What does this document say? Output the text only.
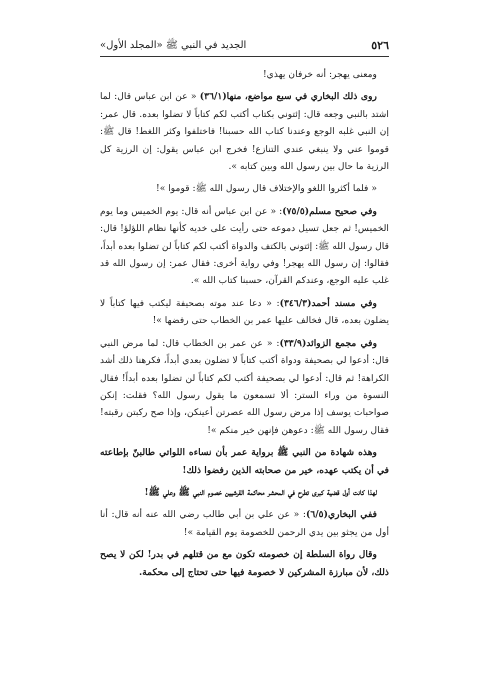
٥٢٦
الجديد في النبي ﷺ «المجلد الأول»

ومعنى يهجر: أنه خرفان يهذي!

روى ذلك البخاري في سبع مواضع، منها(٣٦/١) « عن ابن عباس قال: لما اشتد بالنبي وجعه قال: إئتوني بكتاب أكتب لكم كتاباً لا تضلوا بعده. قال عمر: إن النبي غلبه الوجع وعندنا كتاب الله حسبنا! فاختلفوا وكثر اللغط! قال ﷺ: قوموا عني ولا ينبغي عندي التنازع! فخرج ابن عباس يقول: إن الرزية كل الرزية ما حال بين رسول الله وبين كتابه ».

« فلما أكثروا اللغو والإختلاف قال رسول الله ﷺ: قوموا »!

وفي صحيح مسلم(٧٥/٥): « عن ابن عباس أنه قال: يوم الخميس وما يوم الخميس! ثم جعل تسيل دموعه حتى رأيت على خديه كأنها نظام اللؤلؤ! قال: قال رسول الله ﷺ: إئتوني بالكتف والدواة أكتب لكم كتاباً لن تضلوا بعده أبداً، فقالوا: إن رسول الله يهجر! وفي رواية أخرى: فقال عمر: إن رسول الله قد غلب عليه الوجع، وعندكم القرآن، حسبنا كتاب الله ».

وفي مسند أحمد(٣٤٦/٣): « دعا عند موته بصحيفة ليكتب فيها كتاباً لا يضلون بعده، قال فخالف عليها عمر بن الخطاب حتى رفضها »!

وفي مجمع الزوائد(٣٣/٩): « عن عمر بن الخطاب قال: لما مرض النبي قال: أدعوا لي بصحيفة ودواة أكتب كتاباً لا تضلون بعدي أبداً، فكرهنا ذلك أشد الكراهة! ثم قال: أدعوا لي بصحيفة أكتب لكم كتاباً لن تضلوا بعده أبداً! فقال النسوة من وراء الستر: ألا تسمعون ما يقول رسول الله؟ فقلت: إنكن صواحبات يوسف إذا مرض رسول الله عصرتن أعينكن، وإذا صح ركبتن رقبته! فقال رسول الله ﷺ: دعوهن فإنهن خير منكم »!

وهذه شهادة من النبي ﷺ برواية عمر بأن نساءه اللواتي طالبنّ بإطاعته في أن يكتب عهده، خير من صحابته الذين رفضوا ذلك!

لهذا كانت أول قضية كبرى تطرح في المحشر محاكمة القرشيين خصوم النبي ﷺ وعلي ﷺ!

ففي البخاري(٦/٥): « عن علي بن أبي طالب رضي الله عنه أنه قال: أنا أول من يجثو بين يدي الرحمن للخصومة يوم القيامة »!

وقال رواة السلطة إن خصومته تكون مع من قتلهم في بدر! لكن لا يصح ذلك، لأن مبارزة المشركين لا خصومة فيها حتى تحتاج إلى محكمة.
